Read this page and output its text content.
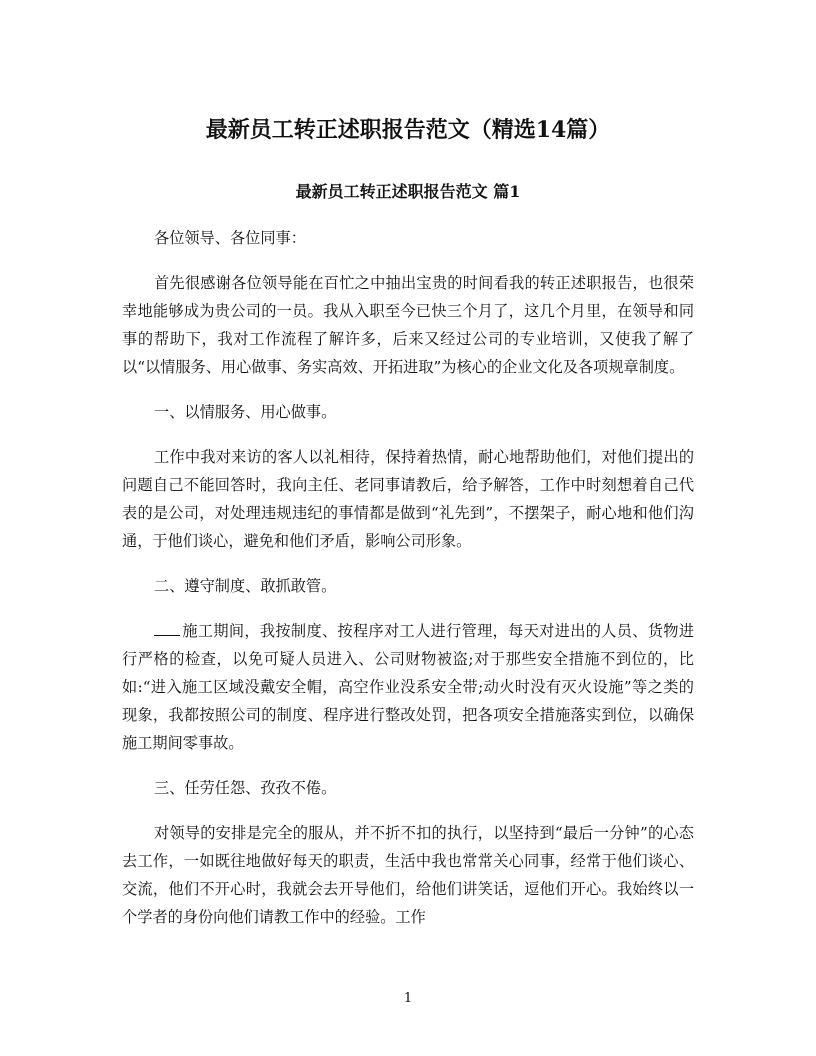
最新员工转正述职报告范文（精选14篇）
最新员工转正述职报告范文 篇1

各位领导、各位同事：

首先很感谢各位领导能在百忙之中抽出宝贵的时间看我的转正述职报告，也很荣幸地能够成为贵公司的一员。我从入职至今已快三个月了，这几个月里，在领导和同事的帮助下，我对工作流程了解许多，后来又经过公司的专业培训，又使我了解了以“以情服务、用心做事、务实高效、开拓进取”为核心的企业文化及各项规章制度。

一、以情服务、用心做事。

工作中我对来访的客人以礼相待，保持着热情，耐心地帮助他们，对他们提出的问题自己不能回答时，我向主任、老同事请教后，给予解答，工作中时刻想着自己代表的是公司，对处理违规违纪的事情都是做到“礼先到”，不摆架子，耐心地和他们沟通，于他们谈心，避免和他们矛盾，影响公司形象。

二、遵守制度、敢抓敢管。

施工期间，我按制度、按程序对工人进行管理，每天对进出的人员、货物进行严格的检查，以免可疑人员进入、公司财物被盗;对于那些安全措施不到位的，比如:“进入施工区域没戴安全帽，高空作业没系安全带;动火时没有灭火设施”等之类的现象，我都按照公司的制度、程序进行整改处罚，把各项安全措施落实到位，以确保施工期间零事故。

三、任劳任怨、孜孜不倦。

对领导的安排是完全的服从，并不折不扣的执行，以坚持到“最后一分钟”的心态去工作，一如既往地做好每天的职责，生活中我也常常关心同事，经常于他们谈心、交流，他们不开心时，我就会去开导他们，给他们讲笑话，逗他们开心。我始终以一个学者的身份向他们请教工作中的经验。工作

1
